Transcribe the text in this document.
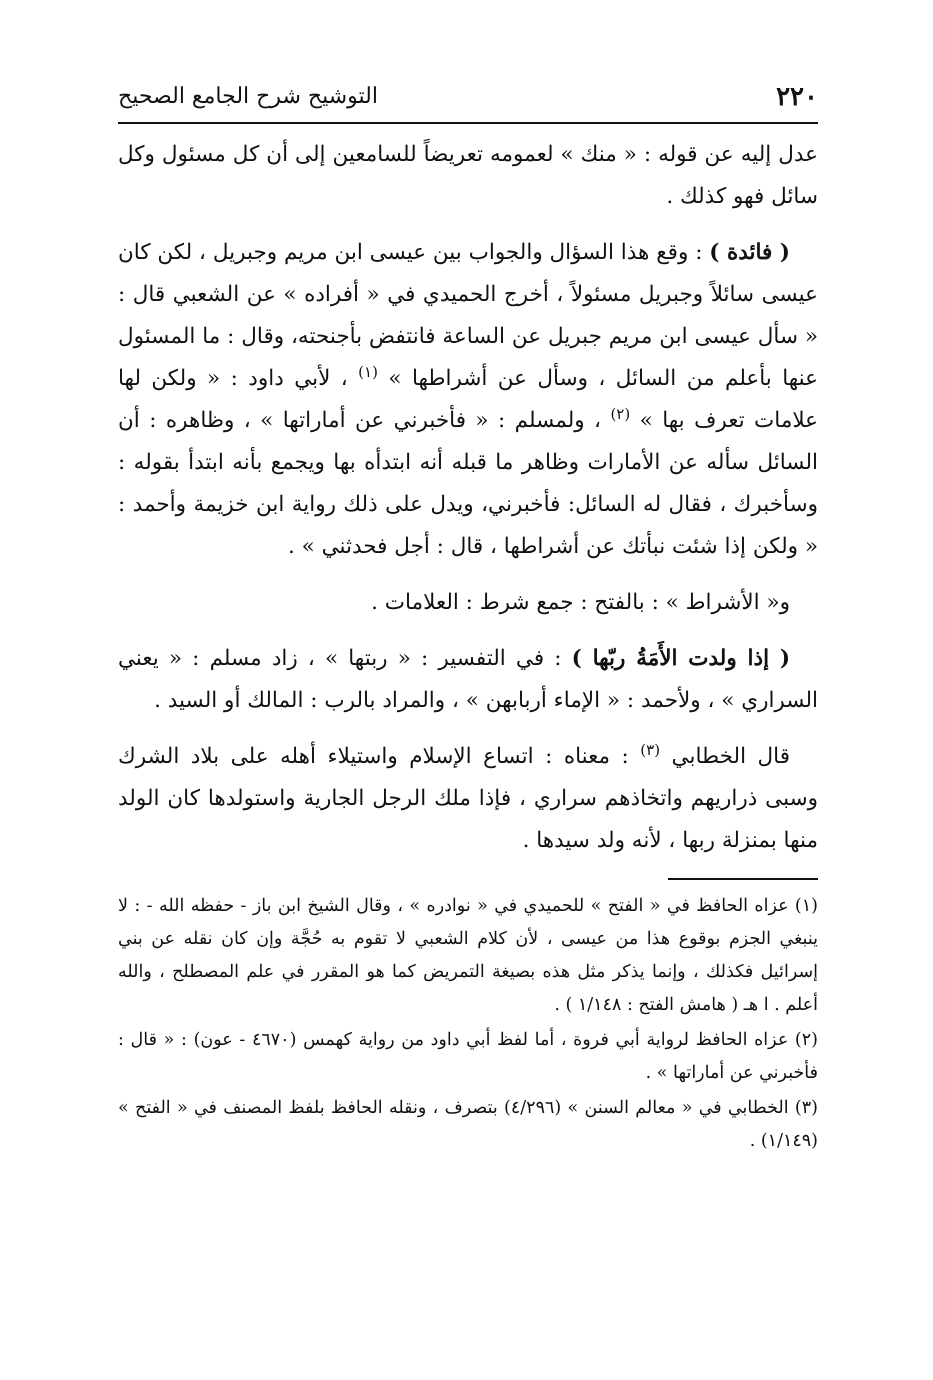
٢٢٠
التوشيح شرح الجامع الصحيح

عدل إليه عن قوله : « منك » لعمومه تعريضاً للسامعين إلى أن كل مسئول وكل سائل فهو كذلك .

( فائدة ) : وقع هذا السؤال والجواب بين عيسى ابن مريم وجبريل ، لكن كان عيسى سائلاً وجبريل مسئولاً ، أخرج الحميدي في « أفراده » عن الشعبي قال : « سأل عيسى ابن مريم جبريل عن الساعة فانتفض بأجنحته، وقال : ما المسئول عنها بأعلم من السائل ، وسأل عن أشراطها » $^{(١)}$ ، لأبي داود : « ولكن لها علامات تعرف بها » $^{(٢)}$ ، ولمسلم : « فأخبرني عن أماراتها » ، وظاهره : أن السائل سأله عن الأمارات وظاهر ما قبله أنه ابتدأه بها ويجمع بأنه ابتدأ بقوله : وسأخبرك ، فقال له السائل: فأخبرني، ويدل على ذلك رواية ابن خزيمة وأحمد : « ولكن إذا شئت نبأتك عن أشراطها ، قال : أجل فحدثني » .

و« الأشراط » : بالفتح : جمع شرط : العلامات .

( إذا ولدت الأَمَةُ ربّها ) : في التفسير : « ربتها » ، زاد مسلم : « يعني السراري » ، ولأحمد : « الإماء أربابهن » ، والمراد بالرب : المالك أو السيد .

قال الخطابي $^{(٣)}$ : معناه : اتساع الإسلام واستيلاء أهله على بلاد الشرك وسبى ذراريهم واتخاذهم سراري ، فإذا ملك الرجل الجارية واستولدها كان الولد منها بمنزلة ربها ، لأنه ولد سيدها .

(١) عزاه الحافظ في « الفتح » للحميدي في « نوادره » ، وقال الشيخ ابن باز - حفظه الله - : لا ينبغي الجزم بوقوع هذا من عيسى ، لأن كلام الشعبي لا تقوم به حُجَّة وإن كان نقله عن بني إسرائيل فكذلك ، وإنما يذكر مثل هذه بصيغة التمريض كما هو المقرر في علم المصطلح ، والله أعلم . ا هـ ( هامش الفتح : ١/١٤٨ ) .

(٢) عزاه الحافظ لرواية أبي فروة ، أما لفظ أبي داود من رواية كهمس (٤٦٧٠ - عون) : « قال : فأخبرني عن أماراتها » .

(٣) الخطابي في « معالم السنن » (٤/٢٩٦) بتصرف ، ونقله الحافظ بلفظ المصنف في « الفتح » (١/١٤٩) .
